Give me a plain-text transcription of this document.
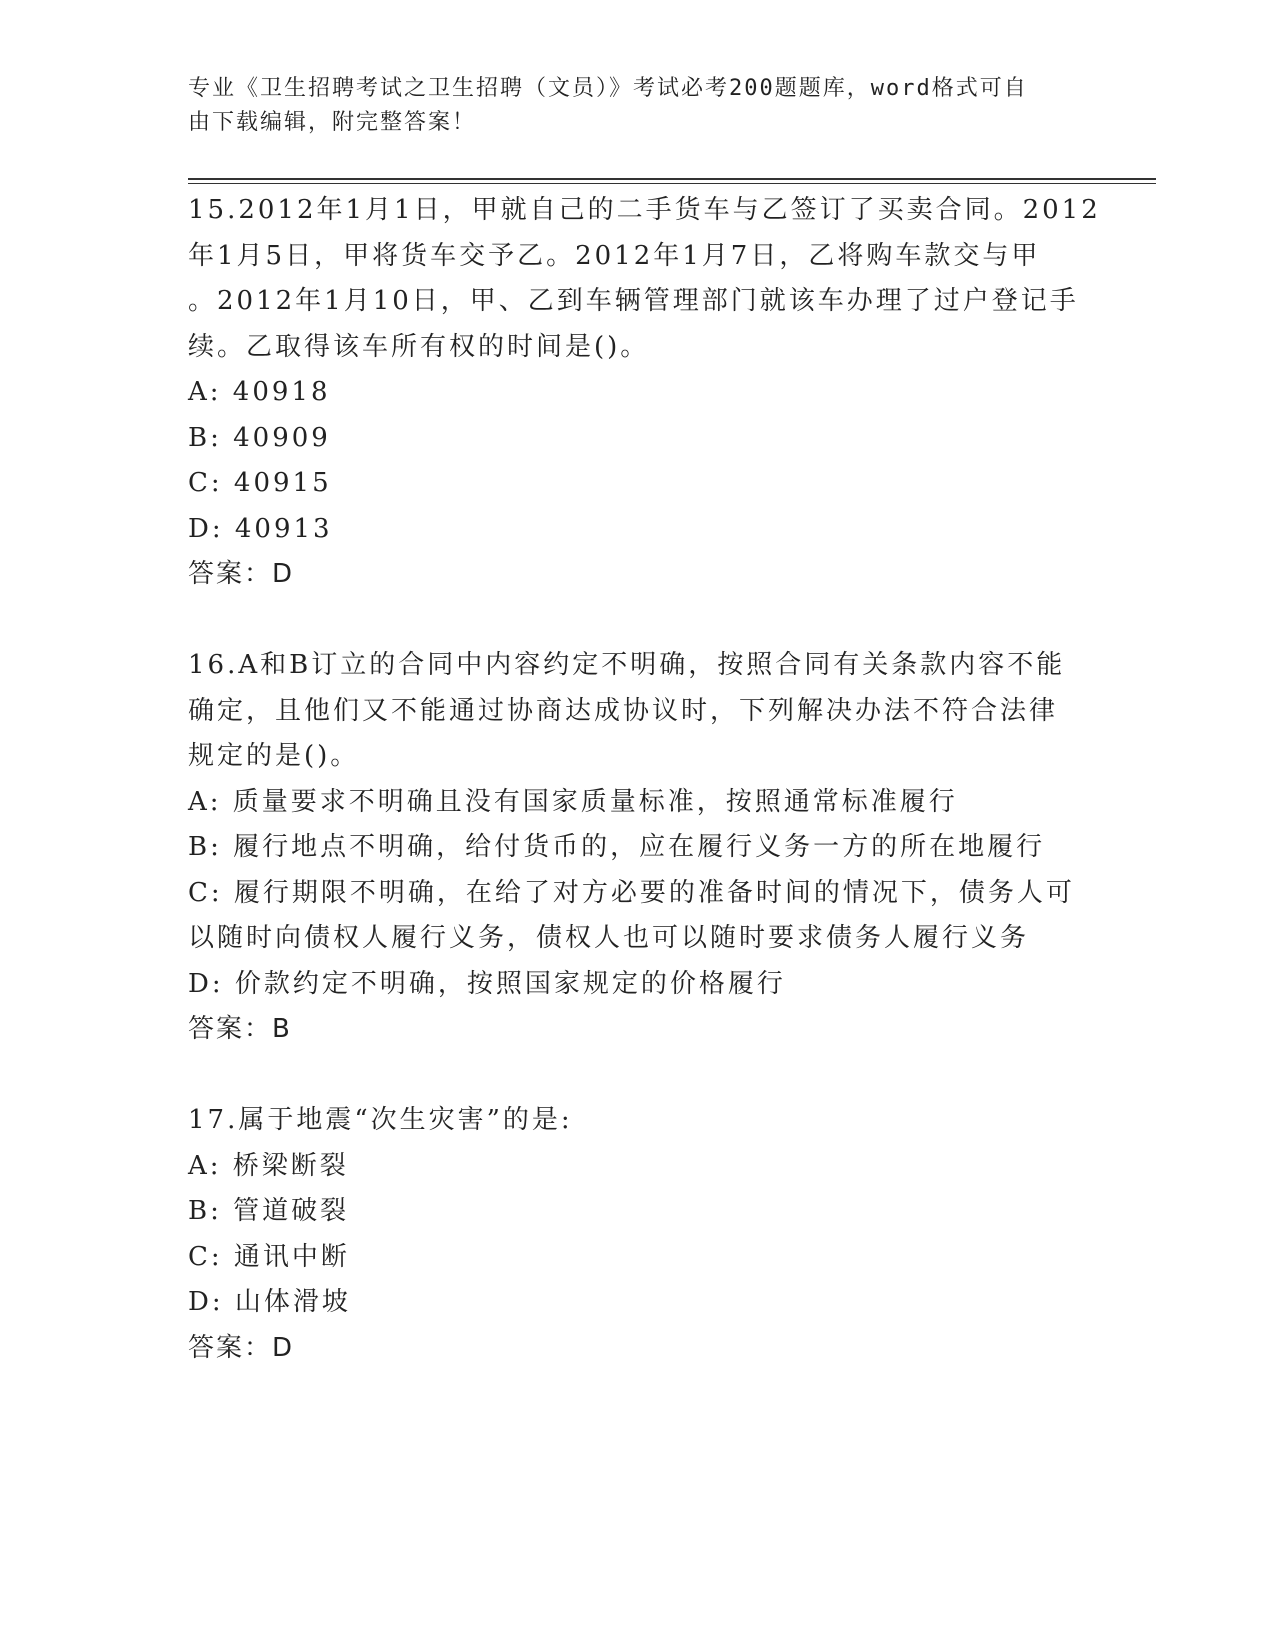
专业《卫生招聘考试之卫生招聘（文员）》考试必考200题题库，word格式可自
由下载编辑，附完整答案！
15.2012年1月1日，甲就自己的二手货车与乙签订了买卖合同。2012
年1月5日，甲将货车交予乙。2012年1月7日，乙将购车款交与甲
。2012年1月10日，甲、乙到车辆管理部门就该车办理了过户登记手
续。乙取得该车所有权的时间是()。
A: 40918
B: 40909
C: 40915
D: 40913
答案：D
16.A和B订立的合同中内容约定不明确，按照合同有关条款内容不能
确定，且他们又不能通过协商达成协议时，下列解决办法不符合法律
规定的是()。
A: 质量要求不明确且没有国家质量标准，按照通常标准履行
B: 履行地点不明确，给付货币的，应在履行义务一方的所在地履行
C: 履行期限不明确，在给了对方必要的准备时间的情况下，债务人可
以随时向债权人履行义务，债权人也可以随时要求债务人履行义务
D: 价款约定不明确，按照国家规定的价格履行
答案：B
17.属于地震“次生灾害”的是:
A: 桥梁断裂
B: 管道破裂
C: 通讯中断
D: 山体滑坡
答案：D
